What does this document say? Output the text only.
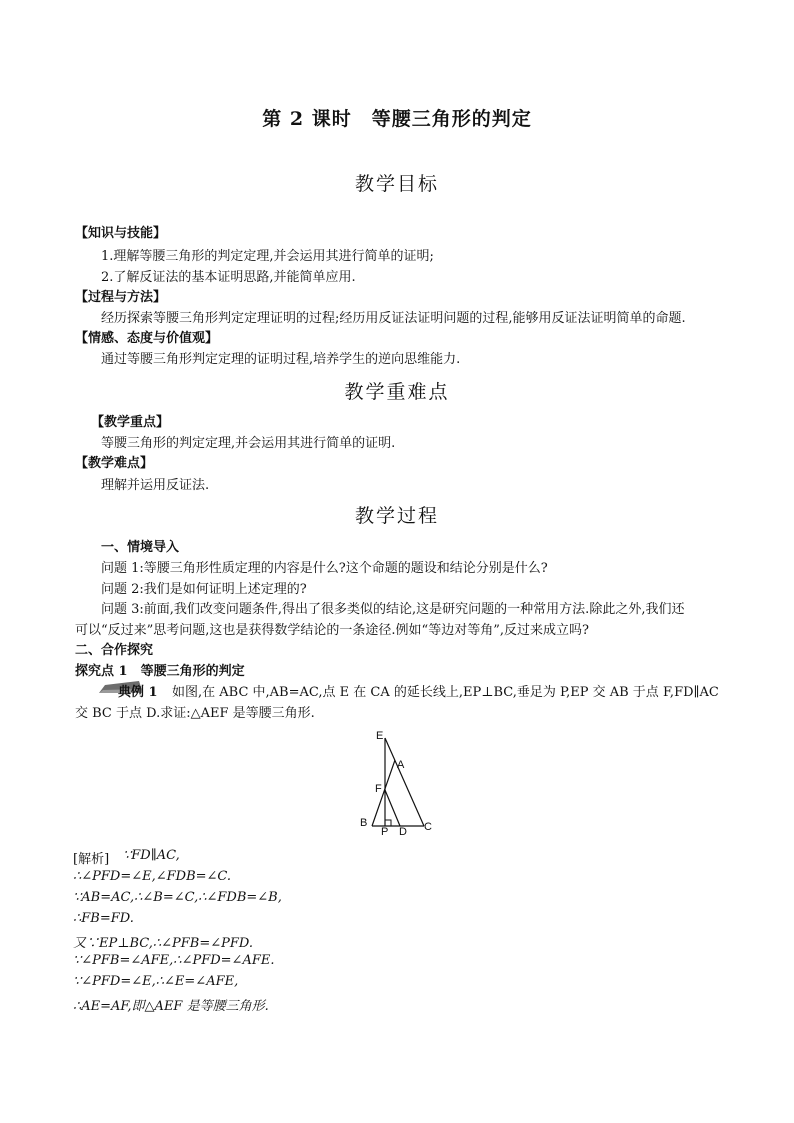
第 2 课时　等腰三角形的判定
教学目标
【知识与技能】
1.理解等腰三角形的判定定理,并会运用其进行简单的证明;
2.了解反证法的基本证明思路,并能简单应用.
【过程与方法】
经历探索等腰三角形判定定理证明的过程;经历用反证法证明问题的过程,能够用反证法证明简单的命题.
【情感、态度与价值观】
通过等腰三角形判定定理的证明过程,培养学生的逆向思维能力.
教学重难点
【教学重点】
等腰三角形的判定定理,并会运用其进行简单的证明.
【教学难点】
理解并运用反证法.
教学过程
一、情境导入
问题 1:等腰三角形性质定理的内容是什么?这个命题的题设和结论分别是什么?
问题 2:我们是如何证明上述定理的?
问题 3:前面,我们改变问题条件,得出了很多类似的结论,这是研究问题的一种常用方法.除此之外,我们还
可以“反过来”思考问题,这也是获得数学结论的一条途径.例如“等边对等角”,反过来成立吗?
二、合作探究
探究点 1　等腰三角形的判定
典例 1 如图,在 ABC 中,AB=AC,点 E 在 CA 的延长线上,EP⊥BC,垂足为 P,EP 交 AB 于点 F,FD∥AC
交 BC 于点 D.求证:△AEF 是等腰三角形.
E
A
F
B
P D C
[解析] ∵FD∥AC,
∴∠PFD=∠E,∠FDB=∠C.
∵AB=AC,∴∠B=∠C,∴∠FDB=∠B,
∴FB=FD.
又∵EP⊥BC,∴∠PFB=∠PFD.
∵∠PFB=∠AFE,∴∠PFD=∠AFE.
∵∠PFD=∠E,∴∠E=∠AFE,
∴AE=AF,即△AEF 是等腰三角形.
